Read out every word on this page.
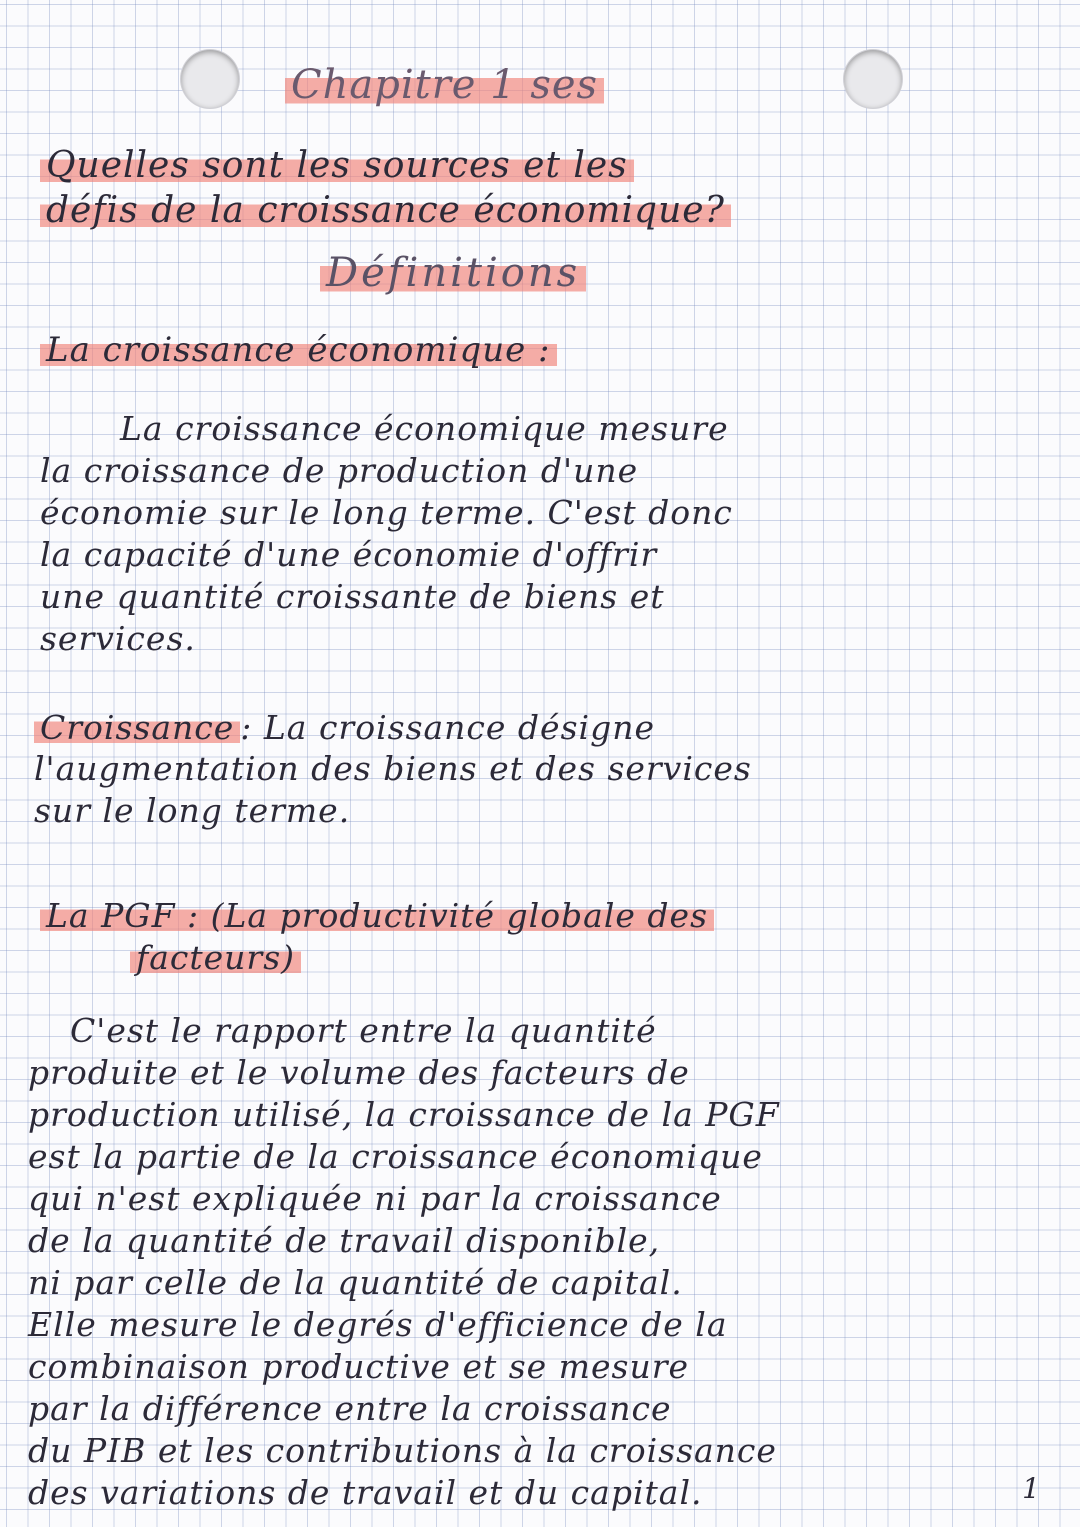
Chapitre 1 ses
Quelles sont les sources et les
défis de la croissance économique?
Définitions
La croissance économique :
La croissance économique mesure
la croissance de production d'une
économie sur le long terme. C'est donc
la capacité d'une économie d'offrir
une quantité croissante de biens et
services.
Croissance : La croissance désigne
l'augmentation des biens et des services
sur le long terme.
La PGF : (La productivité globale des
facteurs)
C'est le rapport entre la quantité
produite et le volume des facteurs de
production utilisé, la croissance de la PGF
est la partie de la croissance économique
qui n'est expliquée ni par la croissance
de la quantité de travail disponible,
ni par celle de la quantité de capital.
Elle mesure le degrés d'efficience de la
combinaison productive et se mesure
par la différence entre la croissance
du PIB et les contributions à la croissance
des variations de travail et du capital.	1
